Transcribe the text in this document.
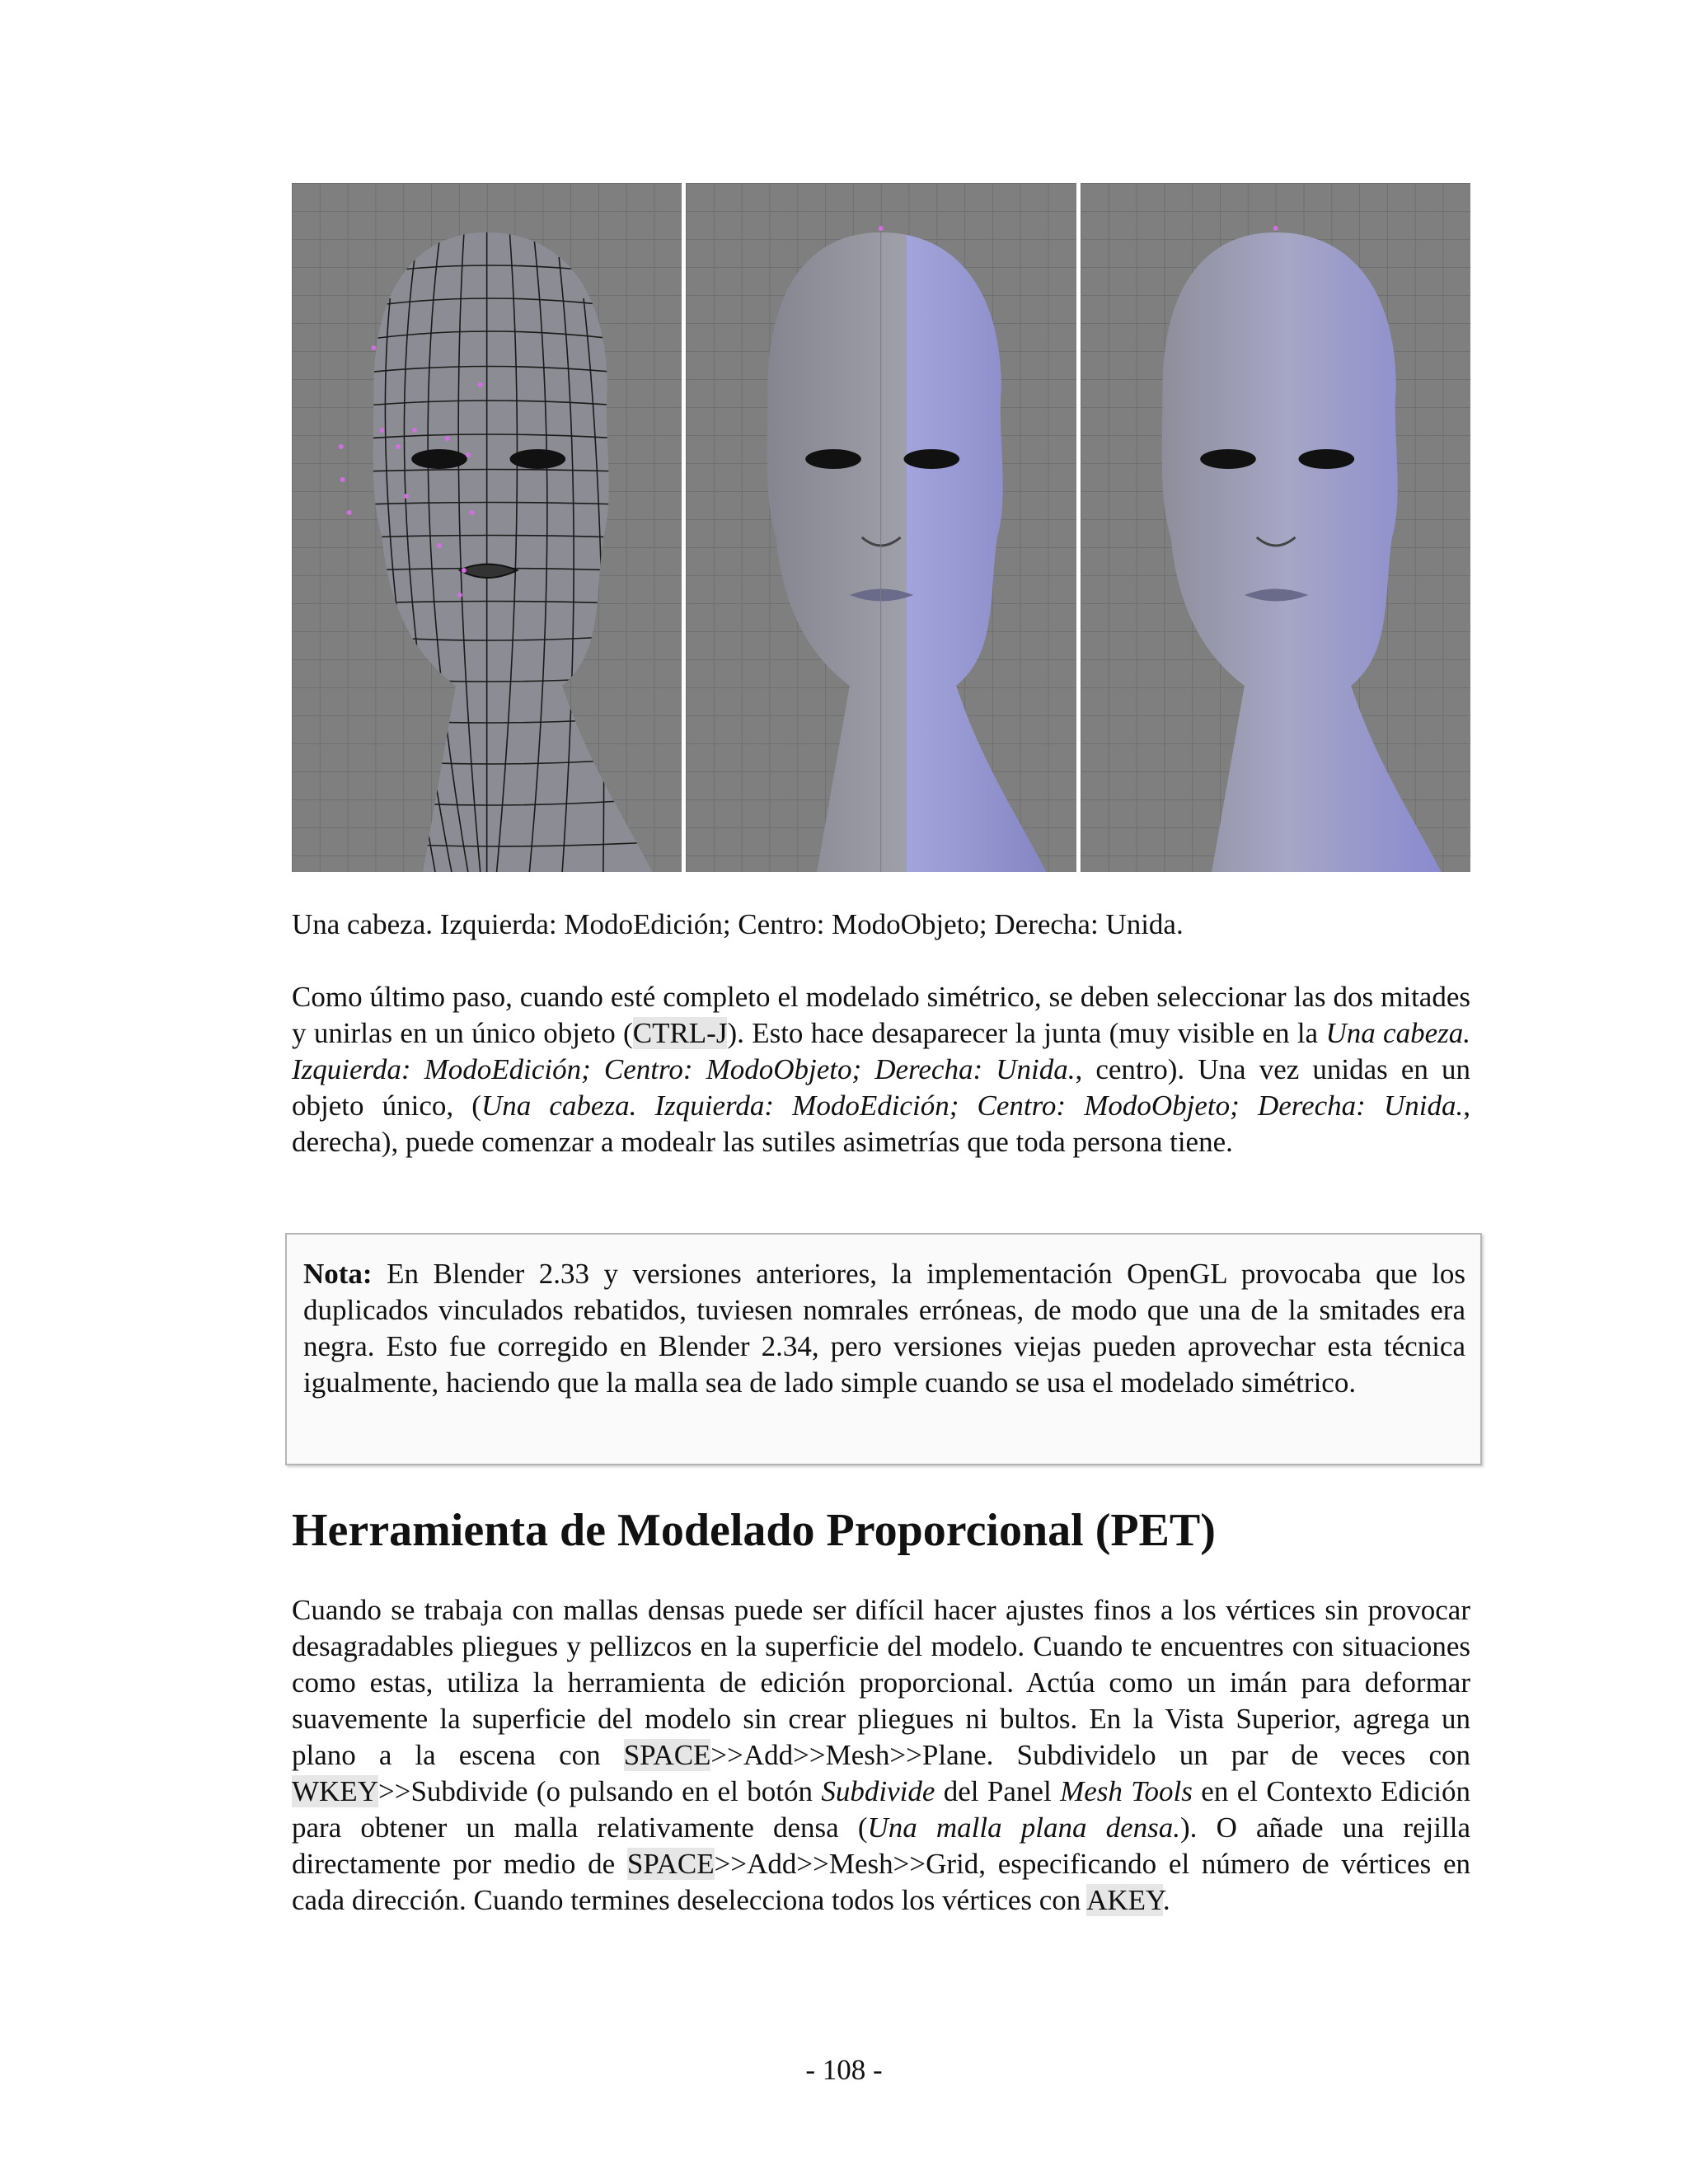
Una cabeza. Izquierda: ModoEdición; Centro: ModoObjeto; Derecha: Unida.
Como último paso, cuando esté completo el modelado simétrico, se deben seleccionar las dos mitades y unirlas en un único objeto (CTRL-J). Esto hace desaparecer la junta (muy visible en la Una cabeza. Izquierda: ModoEdición; Centro: ModoObjeto; Derecha: Unida., centro). Una vez unidas en un objeto único, (Una cabeza. Izquierda: ModoEdición; Centro: ModoObjeto; Derecha: Unida., derecha), puede comenzar a modealr las sutiles asimetrías que toda persona tiene.
Nota: En Blender 2.33 y versiones anteriores, la implementación OpenGL provocaba que los duplicados vinculados rebatidos, tuviesen nomrales erróneas, de modo que una de la smitades era negra. Esto fue corregido en Blender 2.34, pero versiones viejas pueden aprovechar esta técnica igualmente, haciendo que la malla sea de lado simple cuando se usa el modelado simétrico.
Herramienta de Modelado Proporcional (PET)
Cuando se trabaja con mallas densas puede ser difícil hacer ajustes finos a los vértices sin provocar desagradables pliegues y pellizcos en la superficie del modelo. Cuando te encuentres con situaciones como estas, utiliza la herramienta de edición proporcional. Actúa como un imán para deformar suavemente la superficie del modelo sin crear pliegues ni bultos. En la Vista Superior, agrega un plano a la escena con SPACE>>Add>>Mesh>>Plane. Subdividelo un par de veces con WKEY>>Subdivide (o pulsando en el botón Subdivide del Panel Mesh Tools en el Contexto Edición para obtener un malla relativamente densa (Una malla plana densa.). O añade una rejilla directamente por medio de SPACE>>Add>>Mesh>>Grid, especificando el número de vértices en cada dirección. Cuando termines deselecciona todos los vértices con AKEY.
- 108 -
